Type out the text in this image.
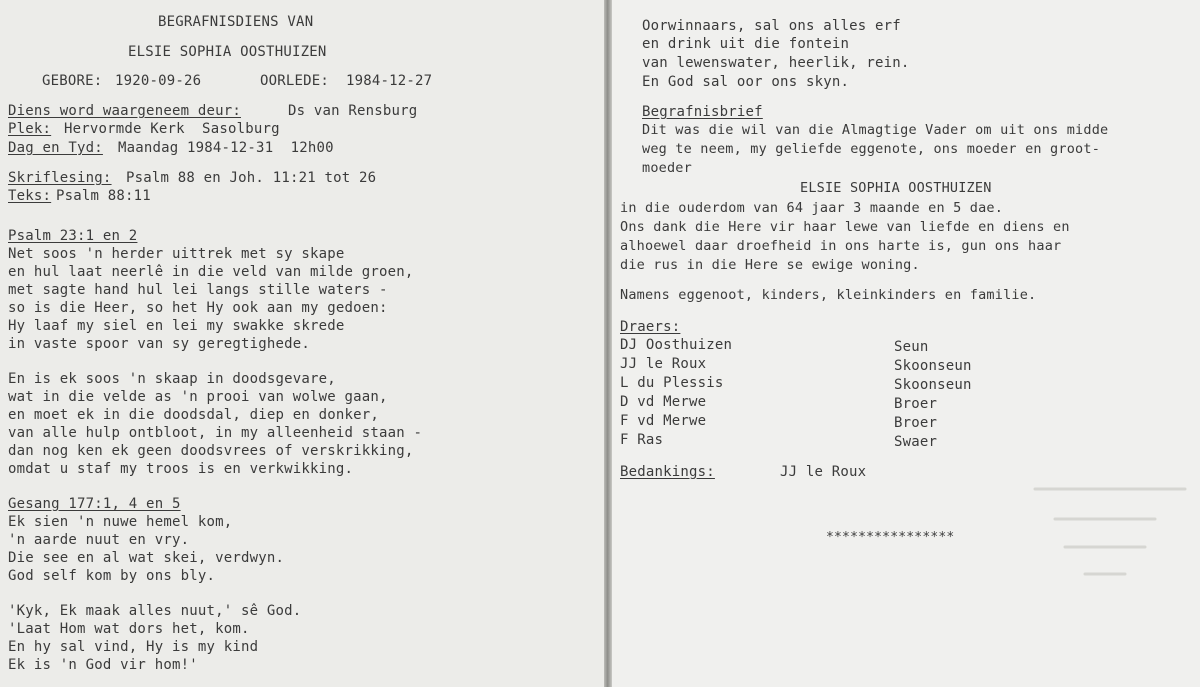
BEGRAFNISDIENS VAN
ELSIE SOPHIA OOSTHUIZEN
GEBORE: 1920-09-26	OORLEDE: 1984-12-27
Diens word waargeneem deur:	Ds van Rensburg
Plek: Hervormde Kerk  Sasolburg
Dag en Tyd: Maandag 1984-12-31  12h00
Skriflesing: Psalm 88 en Joh. 11:21 tot 26
Teks: Psalm 88:11
Psalm 23:1 en 2
Net soos 'n herder uittrek met sy skape
en hul laat neerlê in die veld van milde groen,
met sagte hand hul lei langs stille waters -
so is die Heer, so het Hy ook aan my gedoen:
Hy laaf my siel en lei my swakke skrede
in vaste spoor van sy geregtighede.
En is ek soos 'n skaap in doodsgevare,
wat in die velde as 'n prooi van wolwe gaan,
en moet ek in die doodsdal, diep en donker,
van alle hulp ontbloot, in my alleenheid staan -
dan nog ken ek geen doodsvrees of verskrikking,
omdat u staf my troos is en verkwikking.
Gesang 177:1, 4 en 5
Ek sien 'n nuwe hemel kom,
'n aarde nuut en vry.
Die see en al wat skei, verdwyn.
God self kom by ons bly.
'Kyk, Ek maak alles nuut,' sê God.
'Laat Hom wat dors het, kom.
En hy sal vind, Hy is my kind
Ek is 'n God vir hom!'
Oorwinnaars, sal ons alles erf
en drink uit die fontein
van lewenswater, heerlik, rein.
En God sal oor ons skyn.
Begrafnisbrief
Dit was die wil van die Almagtige Vader om uit ons midde
weg te neem, my geliefde eggenote, ons moeder en groot-
moeder
ELSIE SOPHIA OOSTHUIZEN
in die ouderdom van 64 jaar 3 maande en 5 dae.
Ons dank die Here vir haar lewe van liefde en diens en
alhoewel daar droefheid in ons harte is, gun ons haar
die rus in die Here se ewige woning.
Namens eggenoot, kinders, kleinkinders en familie.
Draers:
DJ Oosthuizen	Seun
JJ le Roux	Skoonseun
L du Plessis	Skoonseun
D vd Merwe	Broer
F vd Merwe	Broer
F Ras	Swaer
Bedankings:	JJ le Roux
****************
